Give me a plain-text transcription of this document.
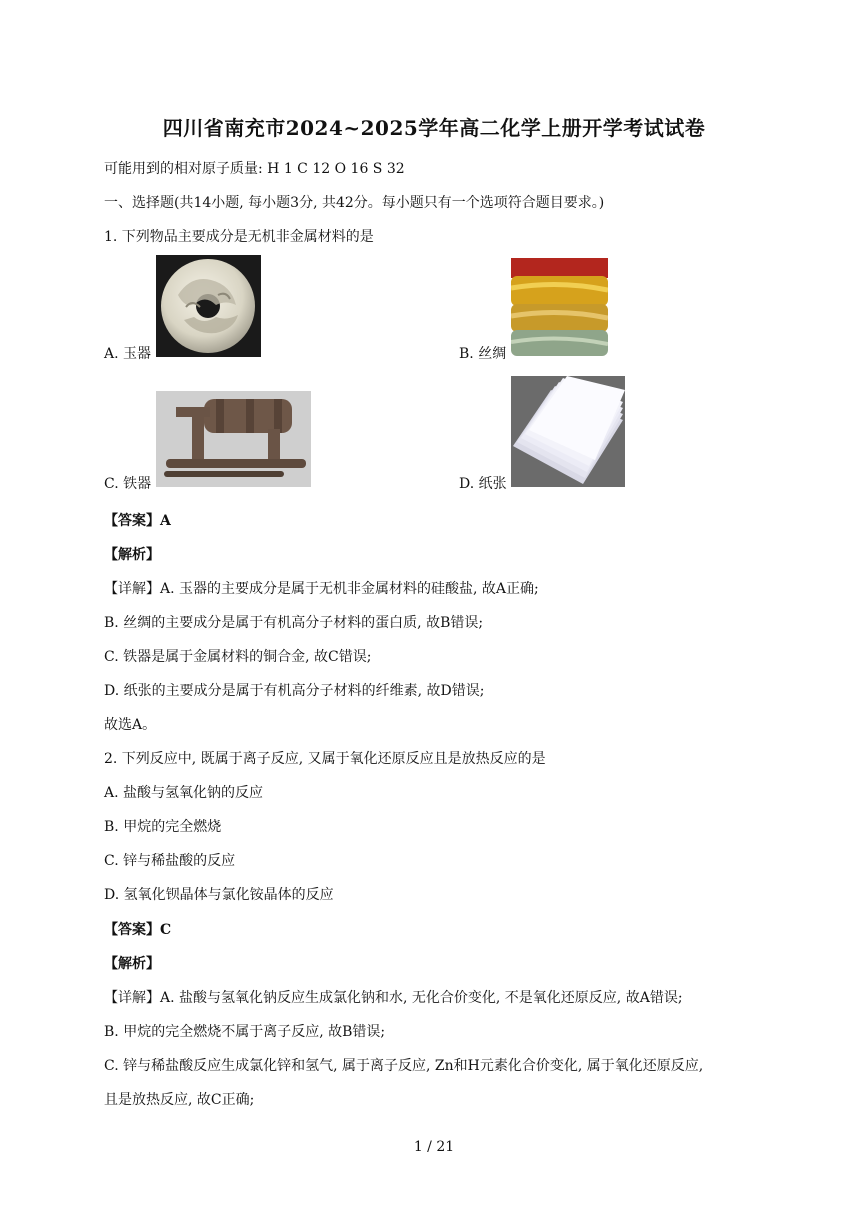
四川省南充市2024~2025学年高二化学上册开学考试试卷
可能用到的相对原子质量: H 1 C 12 O 16 S 32
一、选择题(共14小题, 每小题3分, 共42分。每小题只有一个选项符合题目要求。)
1. 下列物品主要成分是无机非金属材料的是
A. 玉器	B. 丝绸
C. 铁器	D. 纸张
【答案】A
【解析】
【详解】A. 玉器的主要成分是属于无机非金属材料的硅酸盐, 故A正确;
B. 丝绸的主要成分是属于有机高分子材料的蛋白质, 故B错误;
C. 铁器是属于金属材料的铜合金, 故C错误;
D. 纸张的主要成分是属于有机高分子材料的纤维素, 故D错误;
故选A。
2. 下列反应中, 既属于离子反应, 又属于氧化还原反应且是放热反应的是
A. 盐酸与氢氧化钠的反应
B. 甲烷的完全燃烧
C. 锌与稀盐酸的反应
D. 氢氧化钡晶体与氯化铵晶体的反应
【答案】C
【解析】
【详解】A. 盐酸与氢氧化钠反应生成氯化钠和水, 无化合价变化, 不是氧化还原反应, 故A错误;
B. 甲烷的完全燃烧不属于离子反应, 故B错误;
C. 锌与稀盐酸反应生成氯化锌和氢气, 属于离子反应, Zn和H元素化合价变化, 属于氧化还原反应,
且是放热反应, 故C正确;
1 / 21
